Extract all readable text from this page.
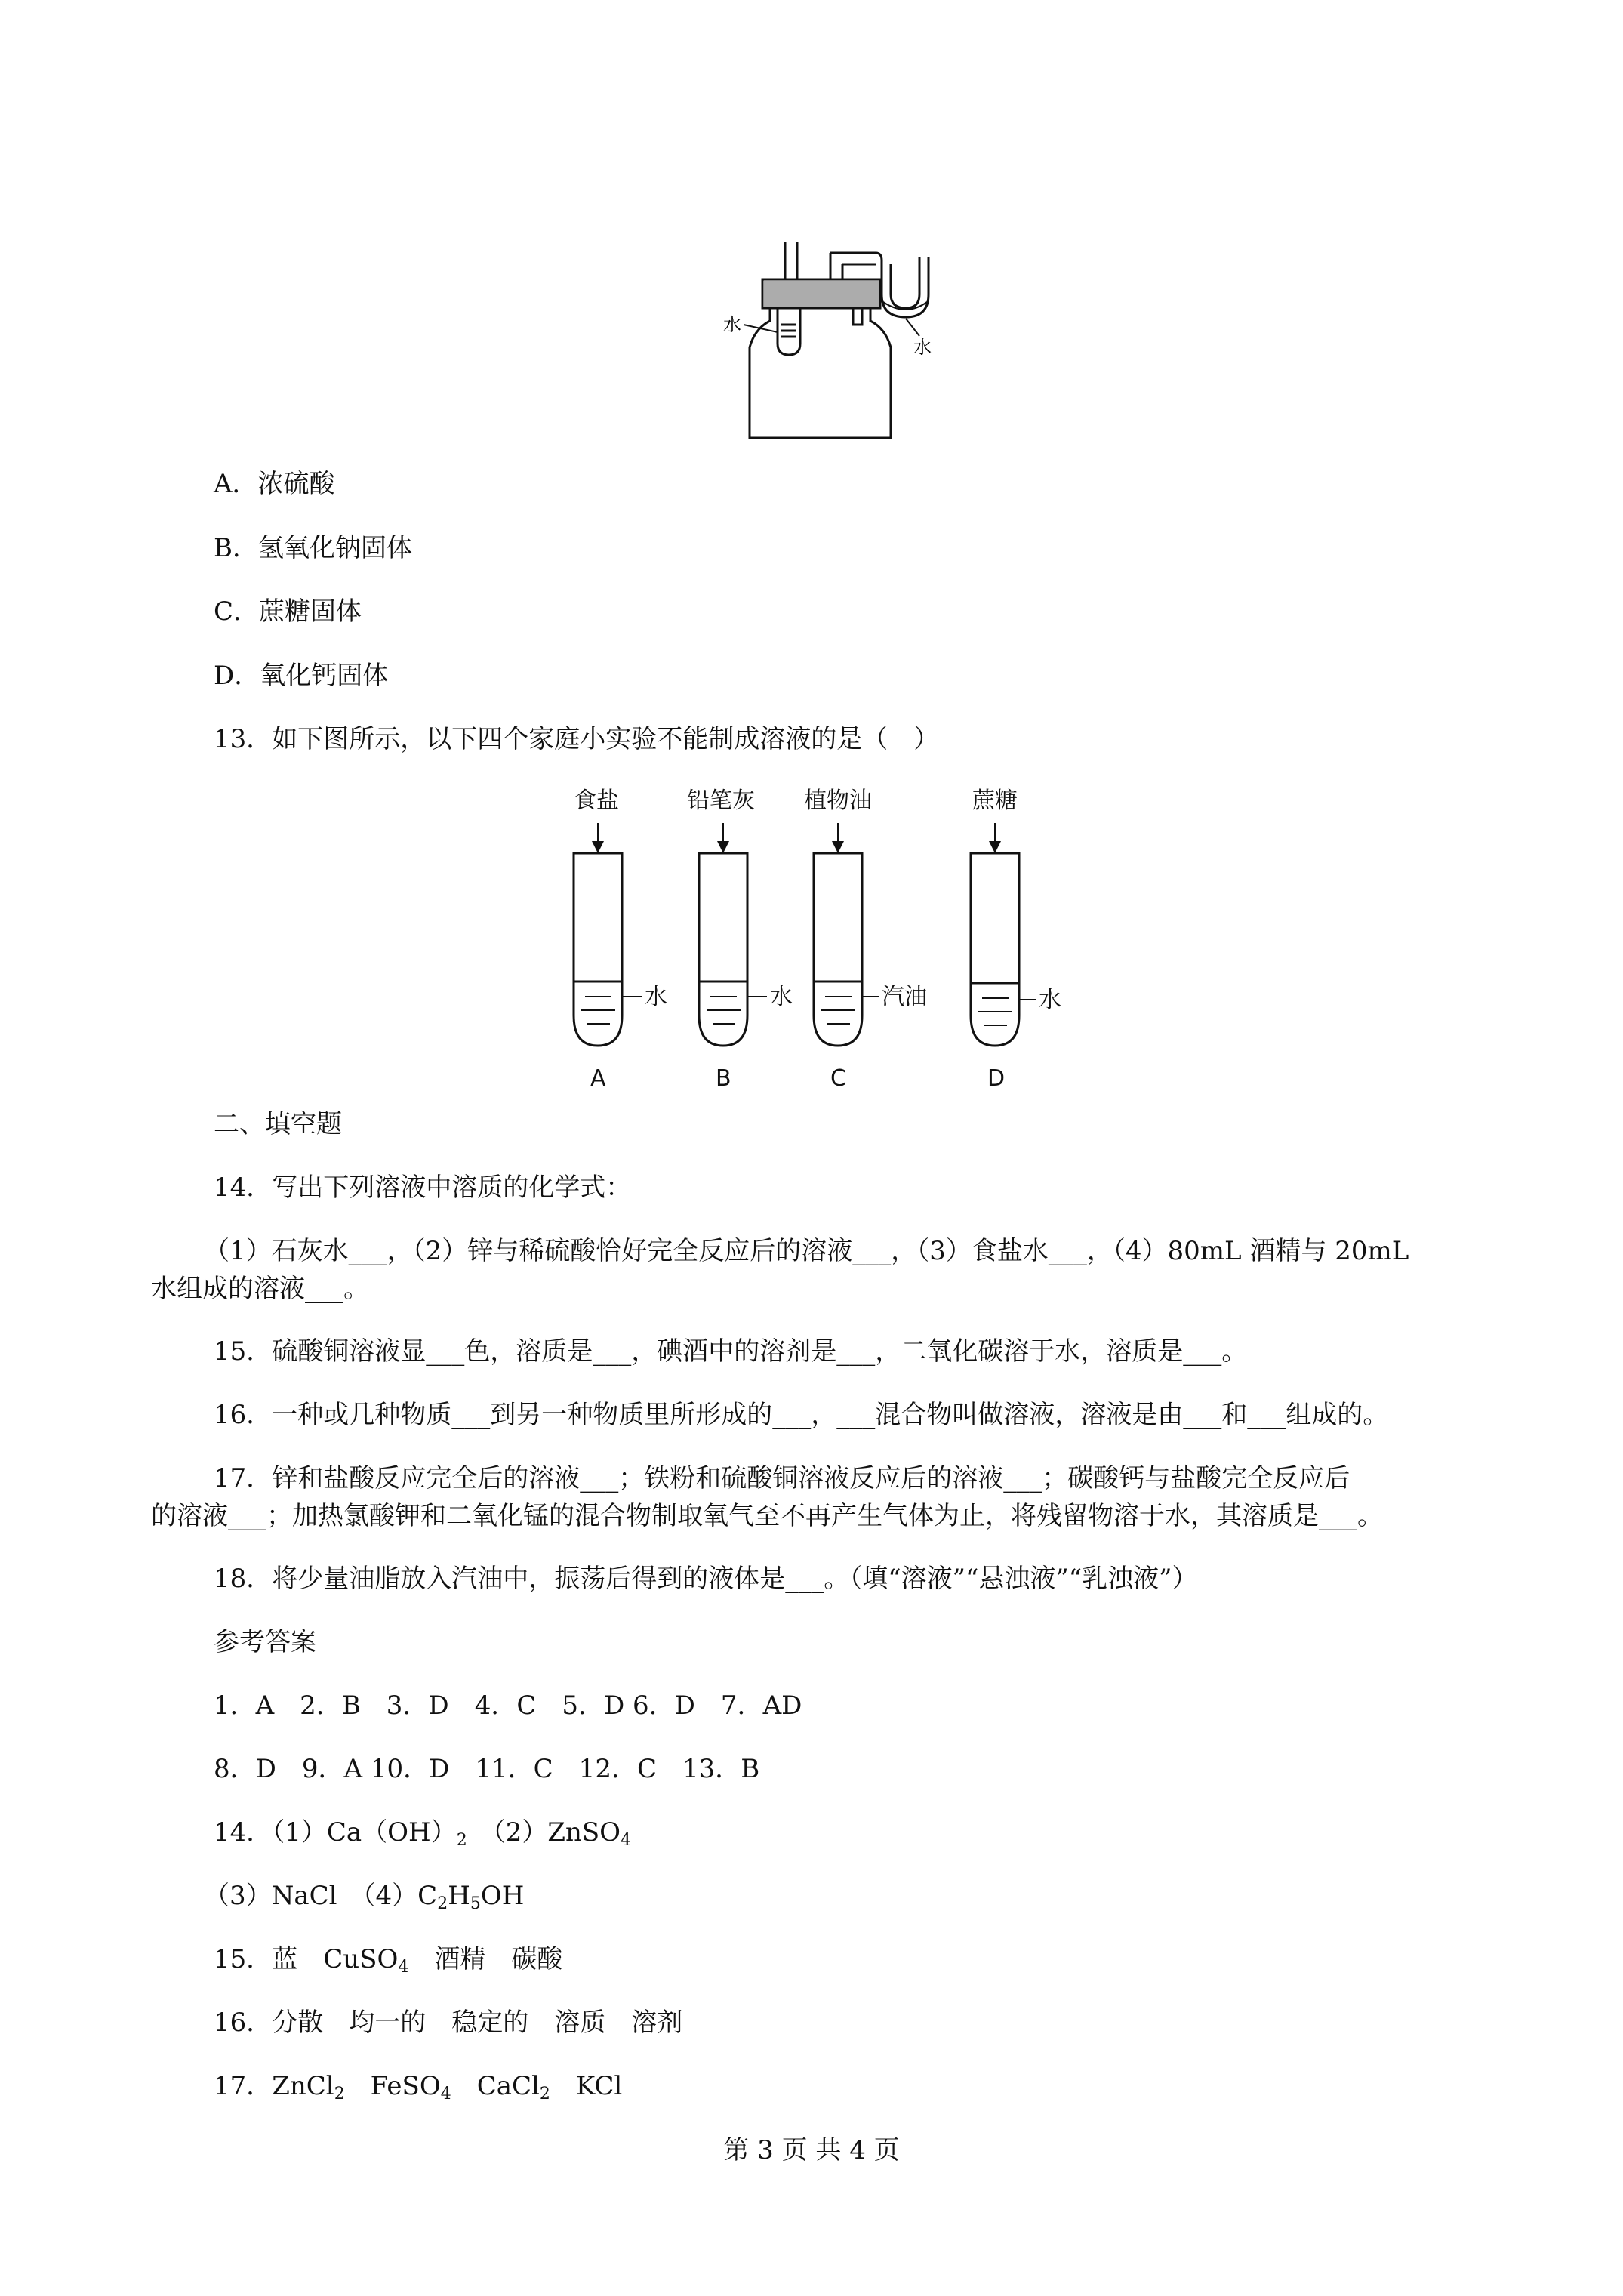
水
水
A．浓硫酸
B．氢氧化钠固体
C．蔗糖固体
D．氧化钙固体
13．如下图所示，以下四个家庭小实验不能制成溶液的是（　）
食盐	铅笔灰 植物油	蔗糖
水	水	汽油	水
A	B	C	D
二、填空题
14．写出下列溶液中溶质的化学式：
（1）石灰水___，（2）锌与稀硫酸恰好完全反应后的溶液___，（3）食盐水___，（4）80mL 酒精与 20mL
水组成的溶液___。
15．硫酸铜溶液显___色，溶质是___，碘酒中的溶剂是___，二氧化碳溶于水，溶质是___。
16．一种或几种物质___到另一种物质里所形成的___，___混合物叫做溶液，溶液是由___和___组成的。
17．锌和盐酸反应完全后的溶液___；铁粉和硫酸铜溶液反应后的溶液___；碳酸钙与盐酸完全反应后
的溶液___；加热氯酸钾和二氧化锰的混合物制取氧气至不再产生气体为止，将残留物溶于水，其溶质是___。
18．将少量油脂放入汽油中，振荡后得到的液体是___。（填“溶液”“悬浊液”“乳浊液”）
参考答案
1．A　2．B　3．D　4．C　5．D 6．D　7．AD
8．D　9．A 10．D　11．C　12．C　13．B
14．$(1)Ca(OH)_2$　（2）ZnSO$_4$
（3）NaCl　$(4)C_2H_5OH$
15．蓝　CuSO$_4$　酒精　碳酸
16．分散　均一的　稳定的　溶质　溶剂
17．ZnCl$_2$　FeSO$_4$　CaCl$_2$　KCl
第 3 页 共 4 页
